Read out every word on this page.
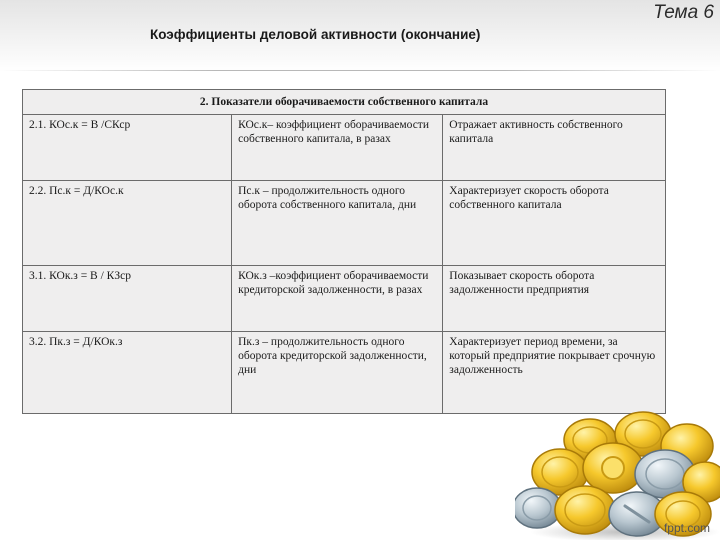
Коэффициенты деловой активности (окончание)
Тема 6
2. Показатели оборачиваемости собственного капитала		
2.1. КОс.к = В /СКср	КОс.к– коэффициент оборачиваемости собственного капитала, в разах	Отражает активность собственного капитала
2.2. Пс.к = Д/КОс.к	Пс.к – продолжительность одного оборота собственного капитала, дни	Характеризует скорость оборота собственного капитала
3.1. КОк.з = В / КЗср	КОк.з –коэффициент оборачиваемости кредиторской задолженности, в разах	Показывает скорость оборота задолженности предприятия
3.2. Пк.з = Д/КОк.з	Пк.з – продолжительность одного оборота кредиторской задолженности, дни	Характеризует период времени, за который предприятие покрывает срочную задолженность
fppt.com
